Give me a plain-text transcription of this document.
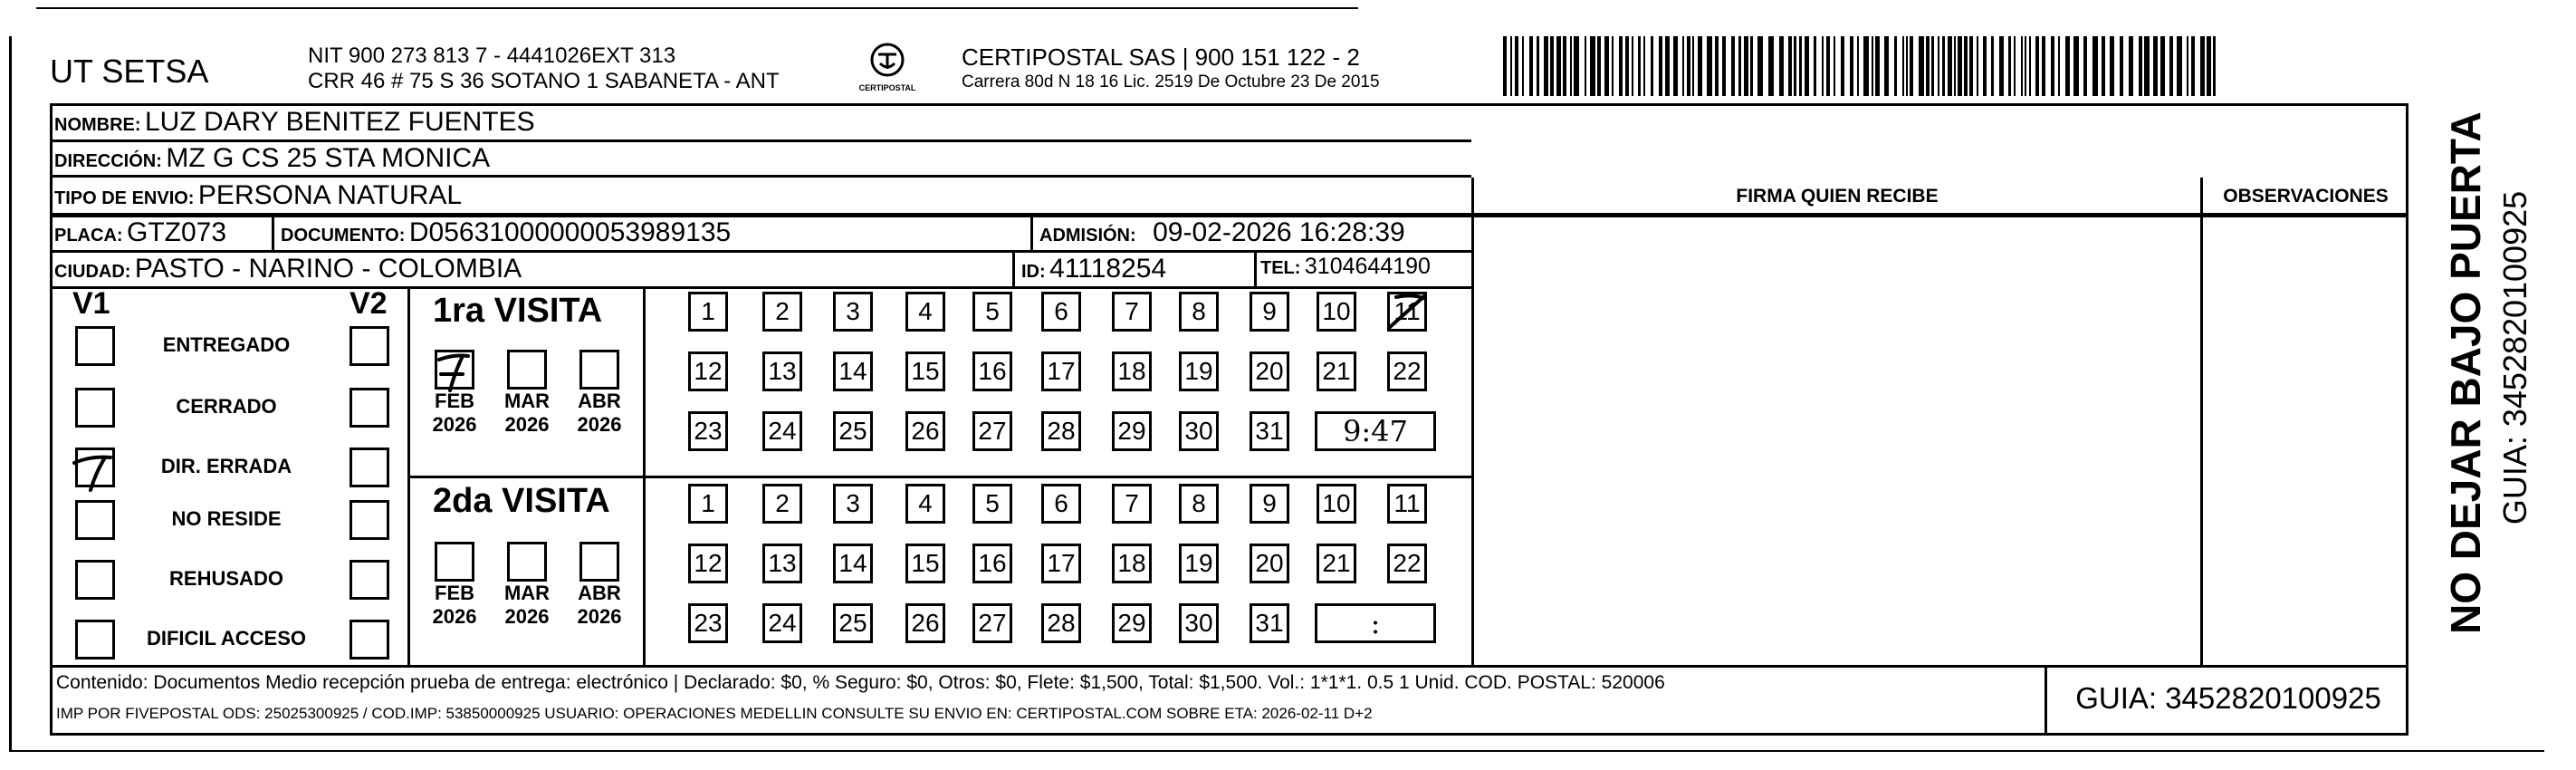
UT SETSA	NIT 900 273 813 7 - 4441026EXT 313
CRR 46 # 75 S 36 SOTANO 1 SABANETA - ANT	CERTIPOSTAL
CERTIPOSTAL SAS | 900 151 122 - 2
Carrera 80d N 18 16 Lic. 2519 De Octubre 23 De 2015
NOMBRE: LUZ DARY BENITEZ FUENTES
DIRECCIÓN: MZ G CS 25 STA MONICA
TIPO DE ENVIO: PERSONA NATURAL
PLACA: GTZ073	DOCUMENTO: D05631000000053989135	ADMISIÓN: 09-02-2026 16:28:39
CIUDAD: PASTO - NARINO - COLOMBIA	ID: 41118254	TEL: 3104644190
FIRMA QUIEN RECIBE	OBSERVACIONES
V1	V2
ENTREGADO
CERRADO
DIR. ERRADA
NO RESIDE
REHUSADO
DIFICIL ACCESO
1ra VISITA
2da VISITA
FEB
2026
MAR
2026
ABR
2026
1	2	3	4	5	6	7	8	9	10 11
12 13 14 15 16 17 18 19 20 21 22
23 24 25 26 27 28 29 30 31	9:47
FEB
2026
MAR
2026
ABR
2026
1	2	3	4	5	6	7	8	9	10 11
12 13 14 15 16 17 18 19 20 21 22
23 24 25 26 27 28 29 30 31	:
Contenido: Documentos Medio recepción prueba de entrega: electrónico | Declarado: $0, % Seguro: $0, Otros: $0, Flete: $1,500, Total: $1,500. Vol.: 1*1*1. 0.5 1 Unid. COD. POSTAL: 520006
IMP POR FIVEPOSTAL ODS: 25025300925 / COD.IMP: 53850000925 USUARIO: OPERACIONES MEDELLIN CONSULTE SU ENVIO EN: CERTIPOSTAL.COM SOBRE ETA: 2026-02-11 D+2	GUIA: 3452820100925
NO DEJAR BAJO PUERTA GUIA: 3452820100925
